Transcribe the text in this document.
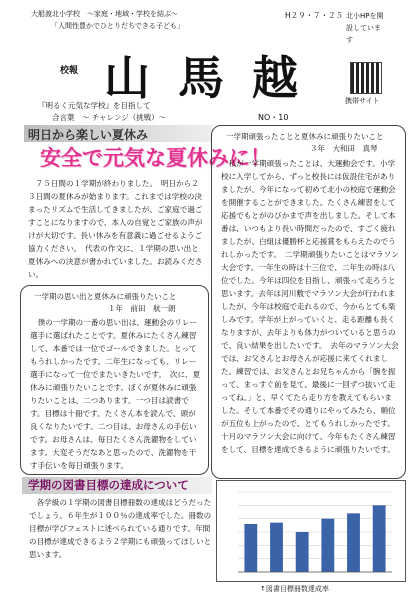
大船渡北小学校　～家庭・地域・学校を結ぶ～
「人間性豊かでひとりだちできる子ども」
H２９・７・２５ 北小HPを開設しています
携帯サイト
校報 山馬越
『明るく元気な学校』を目指して
合言葉　～ チャレンジ（挑戦）～	NO・10
明日から楽しい夏休み
安全で元気な夏休みに！
　７５日間の１学期が終わりました。　明日から２３日間の夏休みが始まります。これまでは学校の決まったリズムで生活してきましたが、ご家庭で過ごすことになりますので、本人の自覚とご家族の声がけが大切です。長い休みを有意義に過ごせるようご協力ください。　代表の作文に、１学期の思い出と夏休みへの決意が書かれていました。お読みください。
一学期の思い出と夏休みに頑張りたいこと
１年　前田　航一朗
　僕の一学期の一番の思い出は、運動会のリレー選手に選ばれたことです。夏休みにたくさん練習して、本番では一位でゴールできました。とってもうれしかったです。二年生になっても、リレー選手になって一位でまたいきたいです。　次に、夏休みに頑張りたいことです。ぼくが夏休みに頑張りたいことは、二つあります。一つ目は読書です。目標は十冊です。たくさん本を読んで、頭が良くなりたいです。二つ目は、お母さんの手伝いです。お母さんは、毎日たくさん洗濯物をしています。大変そうだなあと思ったので、洗濯物を干す手伝いを毎日頑張ります。
一学期頑張ったことと夏休みに頑張りたいこと
３年　大和田　真琴
　私が一学期頑張ったことは、大運動会です。小学校に入学してから、ずっと校長には仮設住宅がありましたが、今年になって初めて北小の校庭で運動会を開催することができました。たくさん練習をして応援でもとがのびかまで声を出しました。そして本番は、いつもより長い時間だったので、すごく疲れましたが、白組は優勝杯と応援賞をもらえたのでうれしかったです。　二学期頑張りたいことはマラソン大会です。一年生の時は十三位で、二年生の時は八位でした。今年は四位を目指し、頑張って走ろうと思います。去年は河川敷でマラソン大会が行われましたが、今年は校庭で走れるので、今からとても楽しみです。学年が上がっていくと、走る距離も長くなりますが、去年よりも体力がついていると思うので、良い結果を出したいです。　去年のマラソン大会では、お父さんとお母さんが応援に来てくれました。練習では、お父さんとお兄ちゃんから「腕を振って、まっすぐ前を見て、最後に一回ずつ抜いて走ってね。」と、早くてたら走り方を教えてもらいました。そして本番でその通りにやってみたら、順位が五位も上がったので、とてもうれしかったです。　十月のマラソン大会に向けて、今年もたくさん練習をして、目標を達成できるように頑張りたいです。
学期の図書目標の達成について
　各学級の１学期の図書目標冊数の達成はどうだったでしょう。６年生が１００％の達成率でした。冊数の目標が学びフェストに述べられている通りです。年間の目標が達成できるよう２学期にも頑張ってほしいと思います。
↑図書目標冊数達成率
